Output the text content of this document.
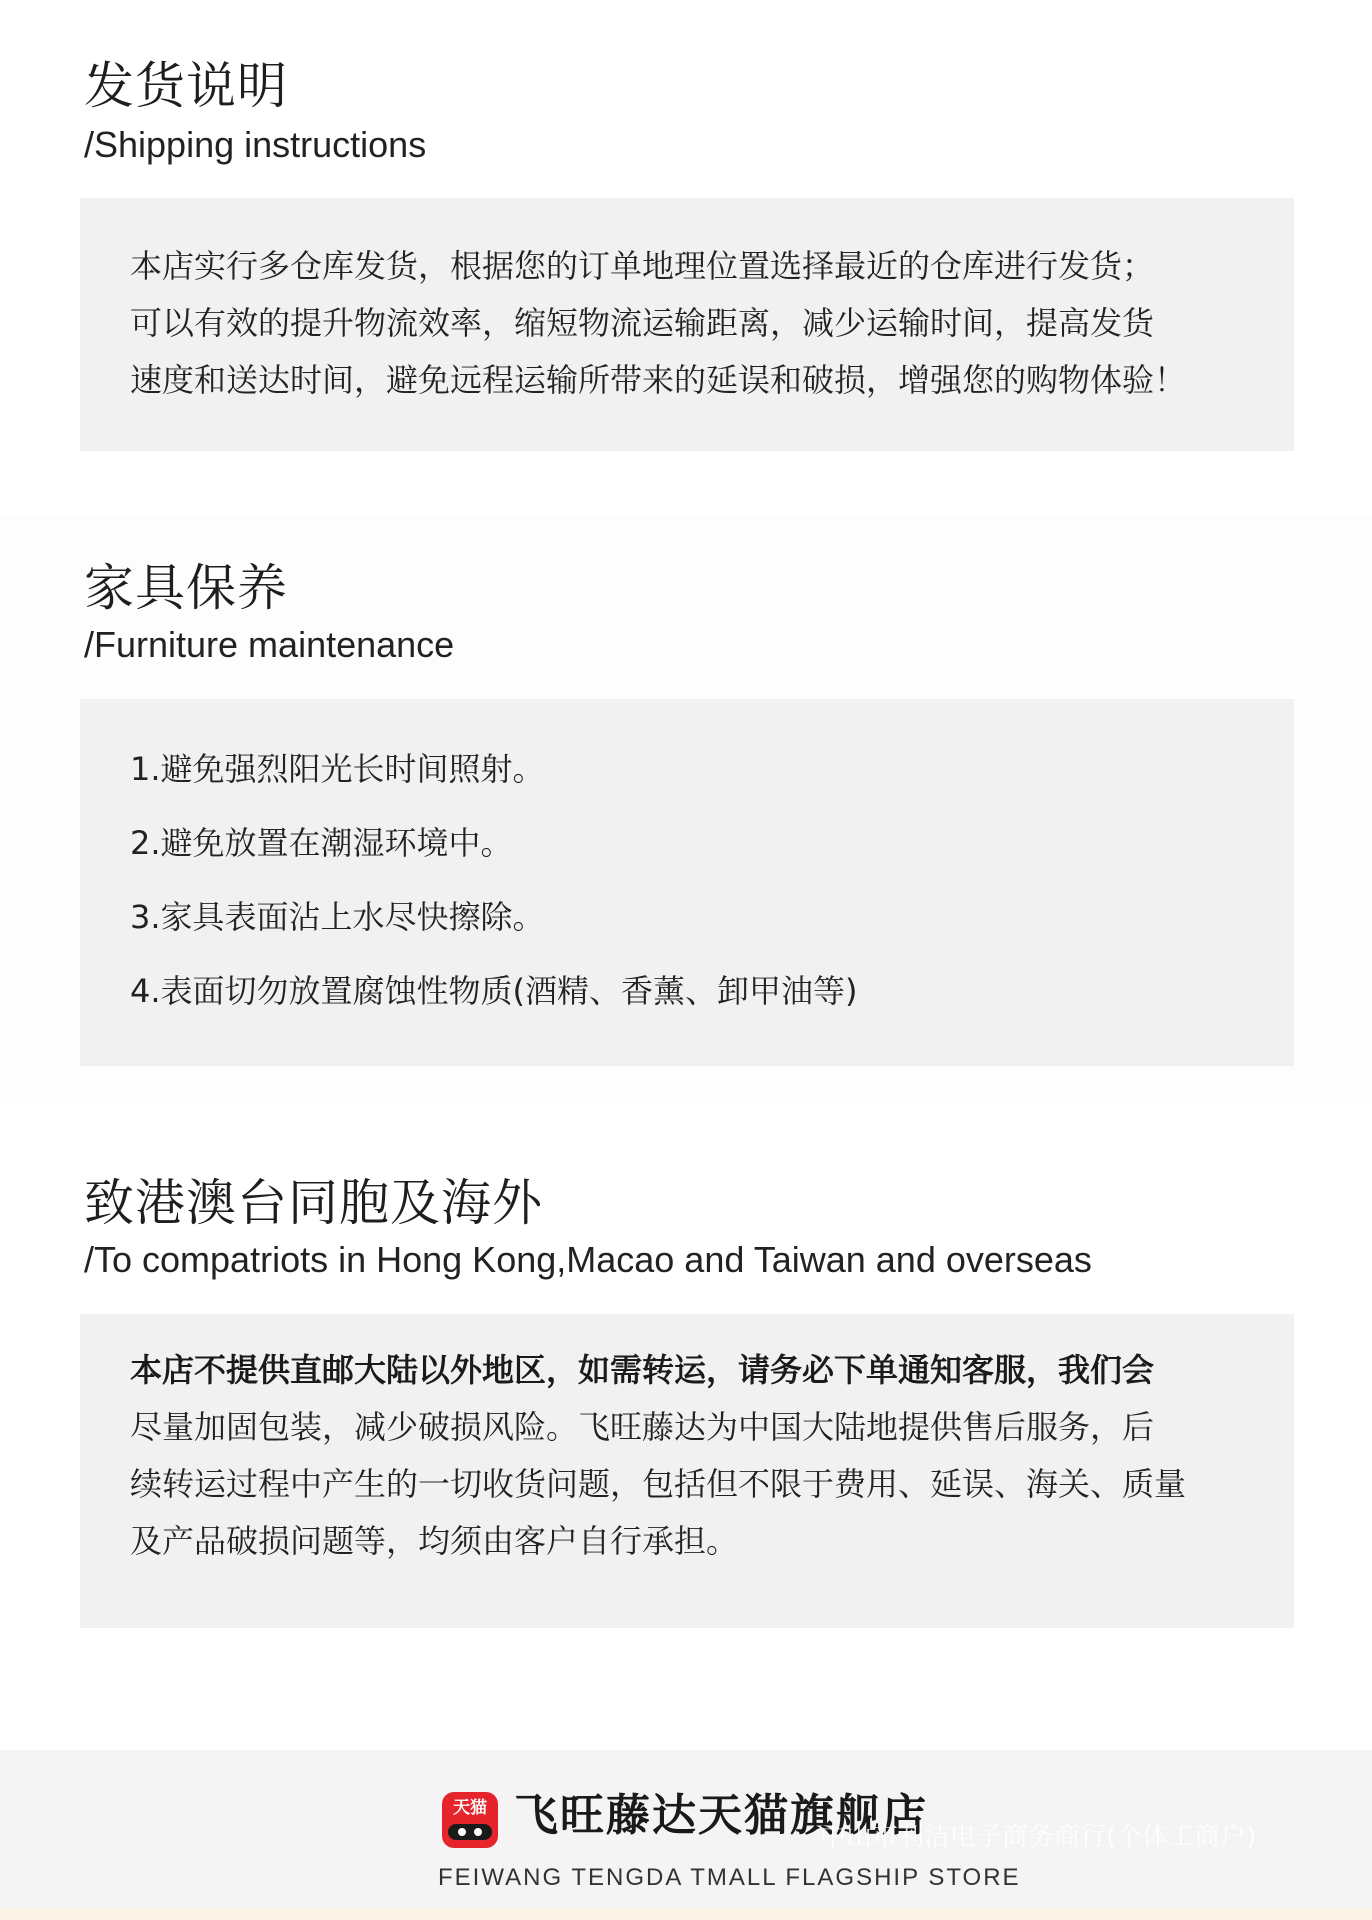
发货说明

/Shipping instructions

本店实行多仓库发货，根据您的订单地理位置选择最近的仓库进行发货；

可以有效的提升物流效率，缩短物流运输距离，减少运输时间，提高发货

速度和送达时间，避免远程运输所带来的延误和破损，增强您的购物体验！

家具保养

/Furniture maintenance

1.避免强烈阳光长时间照射。
2.避免放置在潮湿环境中。
3.家具表面沾上水尽快擦除。
4.表面切勿放置腐蚀性物质(酒精、香薰、卸甲油等)
致港澳台同胞及海外

/To compatriots in Hong Kong,Macao and Taiwan and overseas

本店不提供直邮大陆以外地区，如需转运，请务必下单通知客服，我们会

尽量加固包装，减少破损风险。飞旺藤达为中国大陆地提供售后服务，后

续转运过程中产生的一切收货问题，包括但不限于费用、延误、海关、质量

及产品破损问题等，均须由客户自行承担。

天猫 飞旺藤达天猫旗舰店
FEIWANG TENGDA TMALL FLAGSHIP STORE
中山市利洁电子商务商行(个体工商户)
